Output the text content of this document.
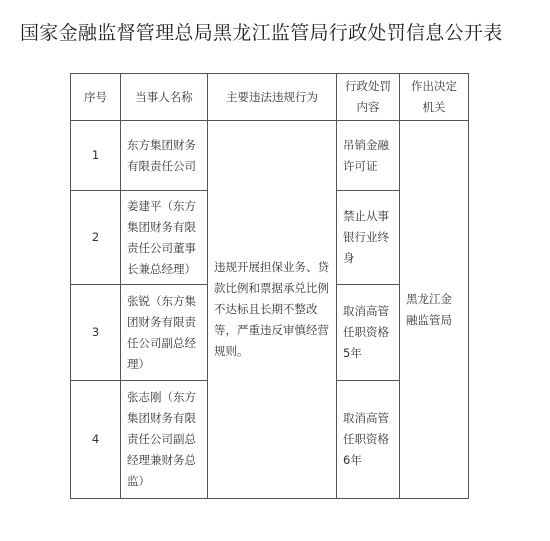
国家金融监督管理总局黑龙江监管局行政处罚信息公开表
序号	当事人名称	主要违法违规行为	行政处罚内容	作出决定机关

1	东方集团财务有限责任公司	违规开展担保业务、贷款比例和票据承兑比例不达标且长期不整改等，严重违反审慎经营规则。	吊销金融许可证	黑龙江金融监管局

2	姜建平（东方集团财务有限责任公司董事长兼总经理）		禁止从事银行业终身	

3	张锐（东方集团财务有限责任公司副总经理）		取消高管任职资格5年	

4	张志刚（东方集团财务有限责任公司副总经理兼财务总监）		取消高管任职资格6年	
